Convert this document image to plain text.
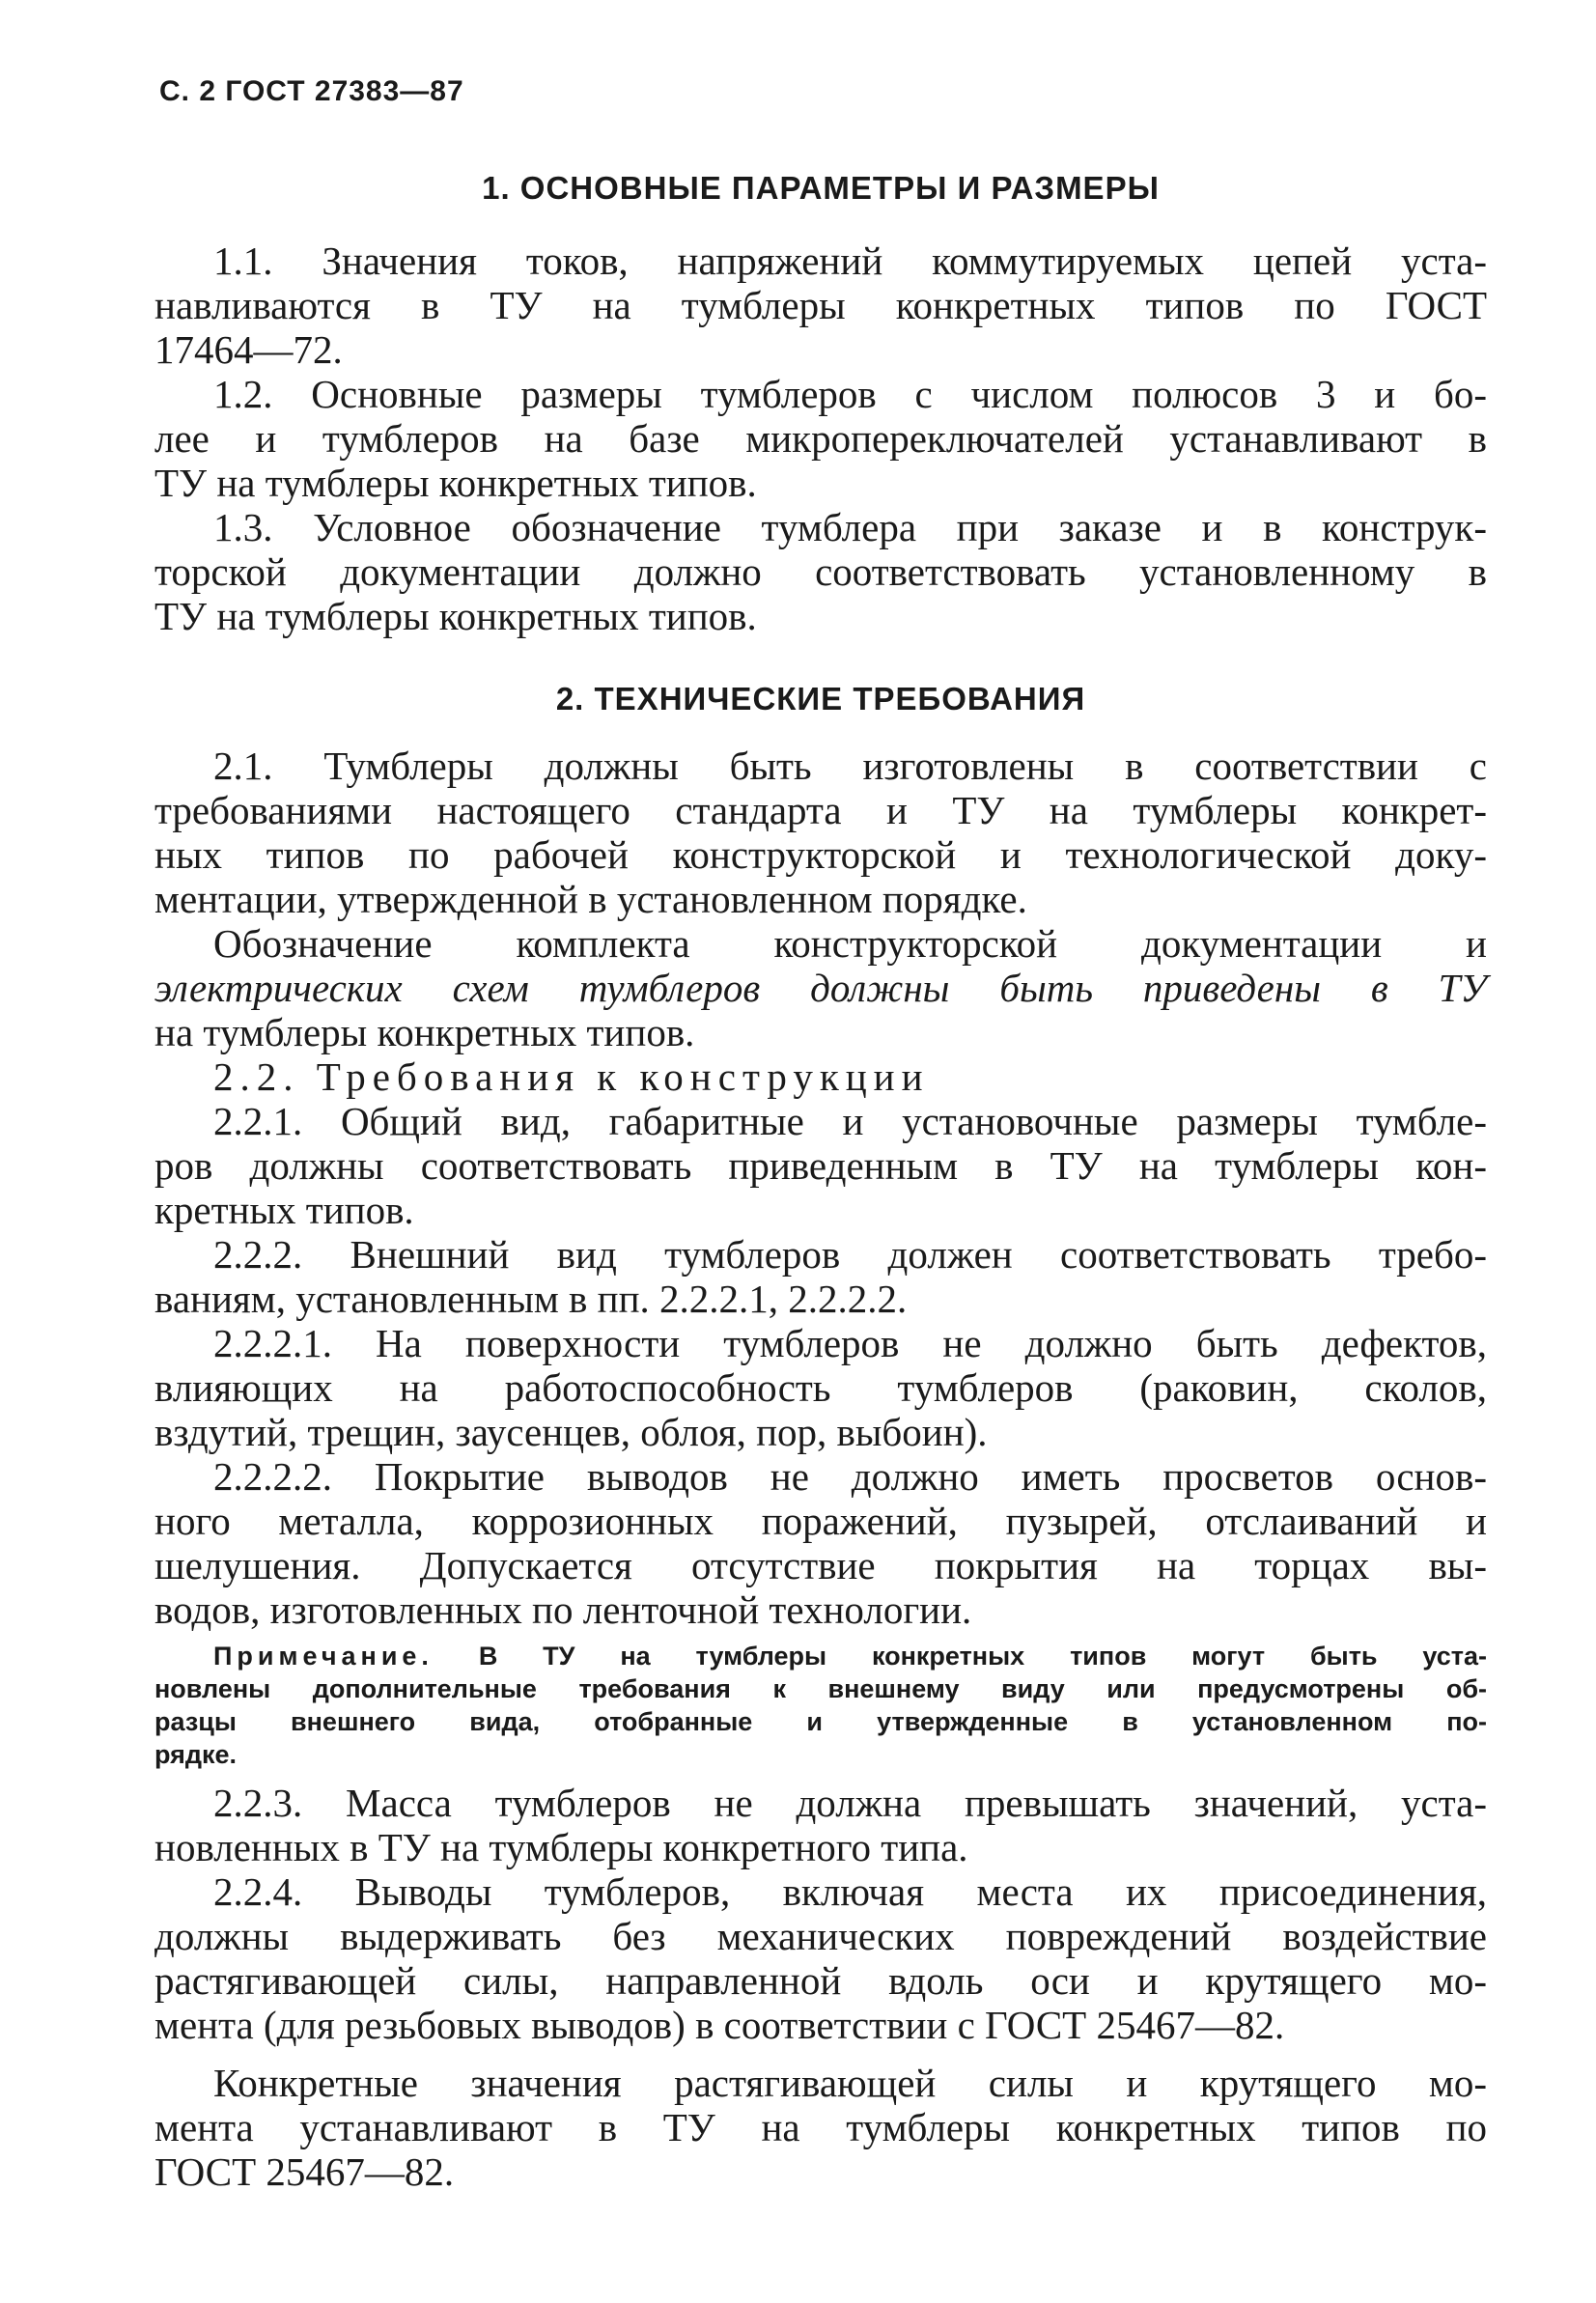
С. 2 ГОСТ 27383—87
1. ОСНОВНЫЕ ПАРАМЕТРЫ И РАЗМЕРЫ
1.1. Значения токов, напряжений коммутируемых цепей уста-
навливаются в ТУ на тумблеры конкретных типов по ГОСТ
17464—72.
1.2. Основные размеры тумблеров с числом полюсов 3 и бо-
лее и тумблеров на базе микропереключателей устанавливают в
ТУ на тумблеры конкретных типов.
1.3. Условное обозначение тумблера при заказе и в конструк-
торской документации должно соответствовать установленному в
ТУ на тумблеры конкретных типов.
2. ТЕХНИЧЕСКИЕ ТРЕБОВАНИЯ
2.1. Тумблеры должны быть изготовлены в соответствии с
требованиями настоящего стандарта и ТУ на тумблеры конкрет-
ных типов по рабочей конструкторской и технологической доку-
ментации, утвержденной в установленном порядке.
Обозначение комплекта конструкторской документации и
электрических схем тумблеров должны быть приведены в ТУ
на тумблеры конкретных типов.
2.2. Требования к конструкции
2.2.1. Общий вид, габаритные и установочные размеры тумбле-
ров должны соответствовать приведенным в ТУ на тумблеры кон-
кретных типов.
2.2.2. Внешний вид тумблеров должен соответствовать требо-
ваниям, установленным в пп. 2.2.2.1, 2.2.2.2.
2.2.2.1. На поверхности тумблеров не должно быть дефектов,
влияющих на работоспособность тумблеров (раковин, сколов,
вздутий, трещин, заусенцев, облоя, пор, выбоин).
2.2.2.2. Покрытие выводов не должно иметь просветов основ-
ного металла, коррозионных поражений, пузырей, отслаиваний и
шелушения. Допускается отсутствие покрытия на торцах вы-
водов, изготовленных по ленточной технологии.
Примечание. В ТУ на тумблеры конкретных типов могут быть уста-
новлены дополнительные требования к внешнему виду или предусмотрены об-
разцы внешнего вида, отобранные и утвержденные в установленном по-
рядке.
2.2.3. Масса тумблеров не должна превышать значений, уста-
новленных в ТУ на тумблеры конкретного типа.
2.2.4. Выводы тумблеров, включая места их присоединения,
должны выдерживать без механических повреждений воздействие
растягивающей силы, направленной вдоль оси и крутящего мо-
мента (для резьбовых выводов) в соответствии с ГОСТ 25467—82.
Конкретные значения растягивающей силы и крутящего мо-
мента устанавливают в ТУ на тумблеры конкретных типов по
ГОСТ 25467—82.
